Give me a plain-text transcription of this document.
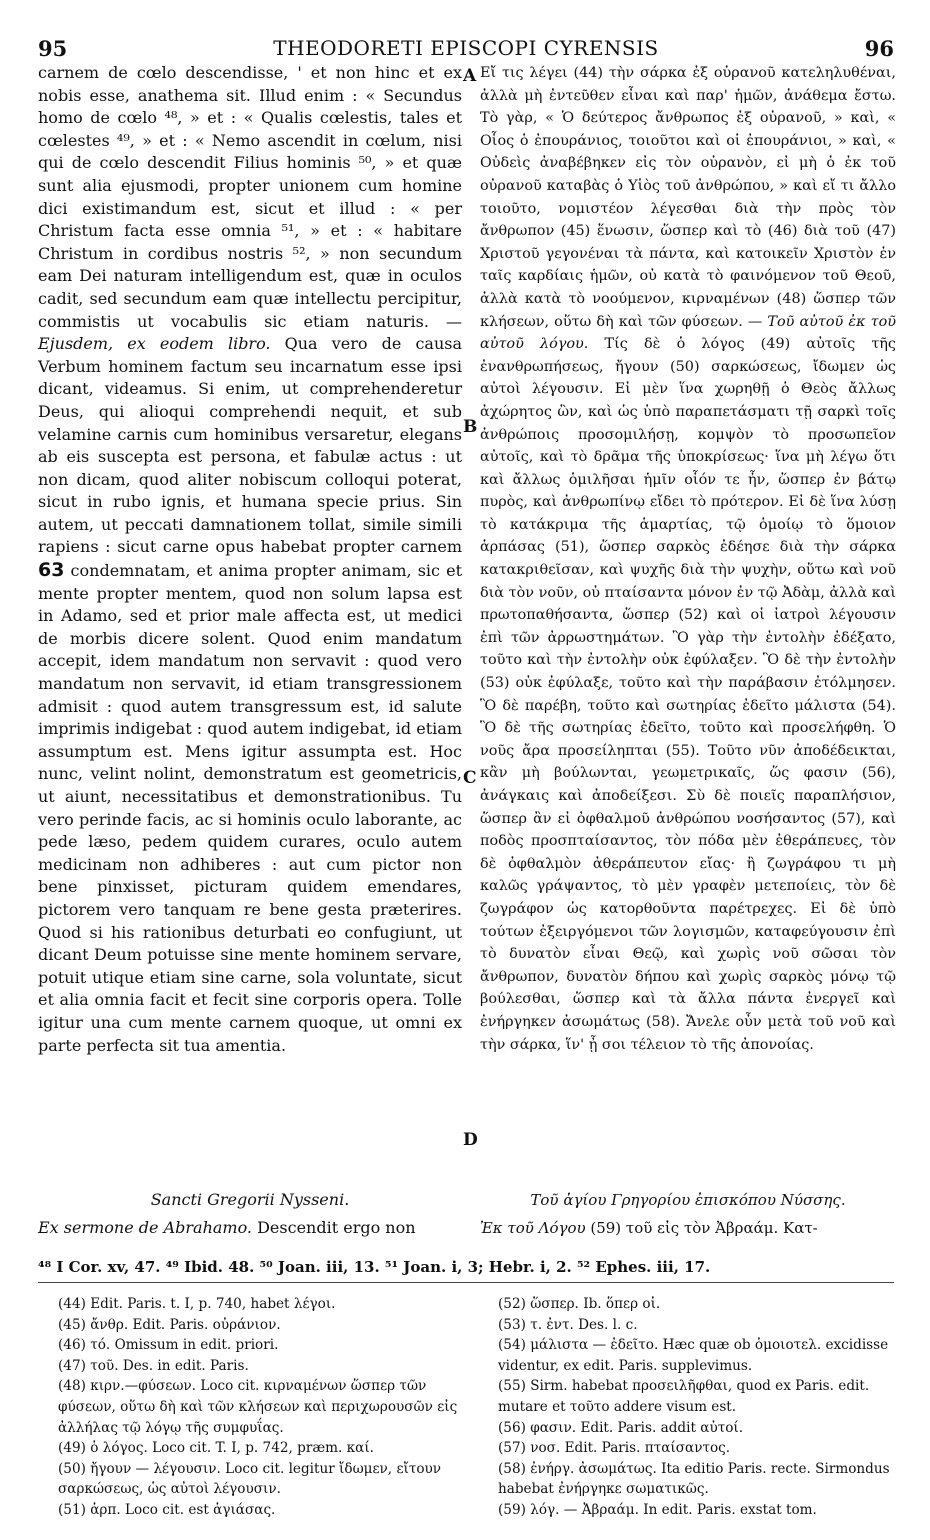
95	THEODORETI EPISCOPI CYRENSIS	96

carnem de cœlo descendisse, ' et non hinc et ex nobis esse, anathema sit. Illud enim : « Secundus homo de cœlo ⁴⁸, » et : « Qualis cœlestis, tales et cœlestes ⁴⁹, » et : « Nemo ascendit in cœlum, nisi qui de cœlo descendit Filius hominis ⁵⁰, » et quæ sunt alia ejusmodi, propter unionem cum homine dici existimandum est, sicut et illud : « per Christum facta esse omnia ⁵¹, » et : « habitare Christum in cordibus nostris ⁵², » non secundum eam Dei naturam intelligendum est, quæ in oculos cadit, sed secundum eam quæ intellectu percipitur, commistis ut vocabulis sic etiam naturis. —Ejusdem, ex eodem libro. Qua vero de causa Verbum hominem factum seu incarnatum esse ipsi dicant, videamus. Si enim, ut comprehenderetur Deus, qui alioqui comprehendi nequit, et sub velamine carnis cum hominibus versaretur, elegans ab eis suscepta est persona, et fabulæ actus : ut non dicam, quod aliter nobiscum colloqui poterat, sicut in rubo ignis, et humana specie prius. Sin autem, ut peccati damnationem tollat, simile simili rapiens : sicut carne opus habebat propter carnem 63 condemnatam, et anima propter animam, sic et mente propter mentem, quod non solum lapsa est in Adamo, sed et prior male affecta est, ut medici de morbis dicere solent. Quod enim mandatum accepit, idem mandatum non servavit : quod vero mandatum non servavit, id etiam transgressionem admisit : quod autem transgressum est, id salute imprimis indigebat : quod autem indigebat, id etiam assumptum est. Mens igitur assumpta est. Hoc nunc, velint nolint, demonstratum est geometricis, ut aiunt, necessitatibus et demonstrationibus. Tu vero perinde facis, ac si hominis oculo laborante, ac pede læso, pedem quidem curares, oculo autem medicinam non adhiberes : aut cum pictor non bene pinxisset, picturam quidem emendares, pictorem vero tanquam re bene gesta præterires. Quod si his rationibus deturbati eo confugiunt, ut dicant Deum potuisse sine mente hominem servare, potuit utique etiam sine carne, sola voluntate, sicut et alia omnia facit et fecit sine corporis opera. Tolle igitur una cum mente carnem quoque, ut omni ex parte perfecta sit tua amentia.

A
B
C
D

Εἴ τις λέγει (44) τὴν σάρκα ἐξ οὐρανοῦ κατεληλυθέναι, ἀλλὰ μὴ ἐντεῦθεν εἶναι καὶ παρ' ἡμῶν, ἀνάθεμα ἔστω. Τὸ γὰρ, « Ὁ δεύτερος ἄνθρωπος ἐξ οὐρανοῦ, » καὶ, « Οἷος ὁ ἐπουράνιος, τοιοῦτοι καὶ οἱ ἐπουράνιοι, » καὶ, « Οὐδεὶς ἀναβέβηκεν εἰς τὸν οὐρανὸν, εἰ μὴ ὁ ἐκ τοῦ οὐρανοῦ καταβὰς ὁ Υἱὸς τοῦ ἀνθρώπου, » καὶ εἴ τι ἄλλο τοιοῦτο, νομιστέον λέγεσθαι διὰ τὴν πρὸς τὸν ἄνθρωπον (45) ἕνωσιν, ὥσπερ καὶ τὸ (46) διὰ τοῦ (47) Χριστοῦ γεγονέναι τὰ πάντα, καὶ κατοικεῖν Χριστὸν ἐν ταῖς καρδίαις ἡμῶν, οὐ κατὰ τὸ φαινόμενον τοῦ Θεοῦ, ἀλλὰ κατὰ τὸ νοούμενον, κιρναμένων (48) ὥσπερ τῶν κλήσεων, οὕτω δὴ καὶ τῶν φύσεων. — Τοῦ αὐτοῦ ἐκ τοῦ αὐτοῦ λόγου. Τίς δὲ ὁ λόγος (49) αὐτοῖς τῆς ἐνανθρωπήσεως, ἤγουν (50) σαρκώσεως, ἴδωμεν ὡς αὐτοὶ λέγουσιν. Εἰ μὲν ἵνα χωρηθῇ ὁ Θεὸς ἄλλως ἀχώρητος ὢν, καὶ ὡς ὑπὸ παραπετάσματι τῇ σαρκὶ τοῖς ἀνθρώποις προσομιλήσῃ, κομψὸν τὸ προσωπεῖον αὐτοῖς, καὶ τὸ δρᾶμα τῆς ὑποκρίσεως· ἵνα μὴ λέγω ὅτι καὶ ἄλλως ὁμιλῆσαι ἡμῖν οἷόν τε ἦν, ὥσπερ ἐν βάτῳ πυρὸς, καὶ ἀνθρωπίνῳ εἴδει τὸ πρότερον. Εἰ δὲ ἵνα λύσῃ τὸ κατάκριμα τῆς ἁμαρτίας, τῷ ὁμοίῳ τὸ ὅμοιον ἁρπάσας (51), ὥσπερ σαρκὸς ἐδέησε διὰ τὴν σάρκα κατακριθεῖσαν, καὶ ψυχῆς διὰ τὴν ψυχὴν, οὕτω καὶ νοῦ διὰ τὸν νοῦν, οὐ πταίσαντα μόνον ἐν τῷ Ἀδὰμ, ἀλλὰ καὶ πρωτοπαθήσαντα, ὥσπερ (52) καὶ οἱ ἰατροὶ λέγουσιν ἐπὶ τῶν ἀρρωστημάτων. Ὃ γὰρ τὴν ἐντολὴν ἐδέξατο, τοῦτο καὶ τὴν ἐντολὴν οὐκ ἐφύλαξεν. Ὃ δὲ τὴν ἐντολὴν (53) οὐκ ἐφύλαξε, τοῦτο καὶ τὴν παράβασιν ἐτόλμησεν. Ὃ δὲ παρέβη, τοῦτο καὶ σωτηρίας ἐδεῖτο μάλιστα (54). Ὃ δὲ τῆς σωτηρίας ἐδεῖτο, τοῦτο καὶ προσελήφθη. Ὁ νοῦς ἄρα προσείληπται (55). Τοῦτο νῦν ἀποδέδεικται, κἂν μὴ βούλωνται, γεωμετρικαῖς, ὥς φασιν (56), ἀνάγκαις καὶ ἀποδείξεσι. Σὺ δὲ ποιεῖς παραπλήσιον, ὥσπερ ἂν εἰ ὀφθαλμοῦ ἀνθρώπου νοσήσαντος (57), καὶ ποδὸς προσπταίσαντος, τὸν πόδα μὲν ἐθεράπευες, τὸν δὲ ὀφθαλμὸν ἀθεράπευτον εἴας· ἢ ζωγράφου τι μὴ καλῶς γράψαντος, τὸ μὲν γραφὲν μετεποίεις, τὸν δὲ ζωγράφον ὡς κατορθοῦντα παρέτρεχες. Εἰ δὲ ὑπὸ τούτων ἐξειργόμενοι τῶν λογισμῶν, καταφεύγουσιν ἐπὶ τὸ δυνατὸν εἶναι Θεῷ, καὶ χωρὶς νοῦ σῶσαι τὸν ἄνθρωπον, δυνατὸν δήπου καὶ χωρὶς σαρκὸς μόνῳ τῷ βούλεσθαι, ὥσπερ καὶ τὰ ἄλλα πάντα ἐνεργεῖ καὶ ἐνήργηκεν ἀσωμάτως (58). Ἄνελε οὖν μετὰ τοῦ νοῦ καὶ τὴν σάρκα, ἵν' ᾖ σοι τέλειον τὸ τῆς ἀπονοίας.

Sancti Gregorii Nysseni.
Ex sermone de Abrahamo. Descendit ergo non
Τοῦ ἁγίου Γρηγορίου ἐπισκόπου Νύσσης.
Ἐκ τοῦ Λόγου (59) τοῦ εἰς τὸν Ἀβραάμ. Κατ-
⁴⁸ I Cor. xv, 47. ⁴⁹ Ibid. 48. ⁵⁰ Joan. iii, 13. ⁵¹ Joan. i, 3; Hebr. i, 2. ⁵² Ephes. iii, 17.
(44) Edit. Paris. t. I, p. 740, habet λέγοι.
(45) ἄνθρ. Edit. Paris. οὐράνιον.
(46) τό. Omissum in edit. priori.
(47) τοῦ. Des. in edit. Paris.
(48) κιρν.—φύσεων. Loco cit. κιρναμένων ὥσπερ τῶν φύσεων, οὕτω δὴ καὶ τῶν κλήσεων καὶ περιχωρουσῶν εἰς ἀλλήλας τῷ λόγῳ τῆς συμφυΐας.
(49) ὁ λόγος. Loco cit. T. I, p. 742, præm. καί.
(50) ἤγουν — λέγουσιν. Loco cit. legitur ἴδωμεν, εἴτουν σαρκώσεως, ὡς αὐτοὶ λέγουσιν.
(51) ἁρπ. Loco cit. est ἁγιάσας.
(52) ὥσπερ. Ib. ὅπερ οἱ.
(53) τ. ἐντ. Des. l. c.
(54) μάλιστα — ἐδεῖτο. Hæc quæ ob ὁμοιοτελ. excidisse videntur, ex edit. Paris. supplevimus.
(55) Sirm. habebat προσειλῆφθαι, quod ex Paris. edit. mutare et τοῦτο addere visum est.
(56) φασιν. Edit. Paris. addit αὐτοί.
(57) νοσ. Edit. Paris. πταίσαντος.
(58) ἐνήργ. ἀσωμάτως. Ita editio Paris. recte. Sirmondus habebat ἐνήργηκε σωματικῶς.
(59) λόγ. — Ἀβραάμ. In edit. Paris. exstat tom.
